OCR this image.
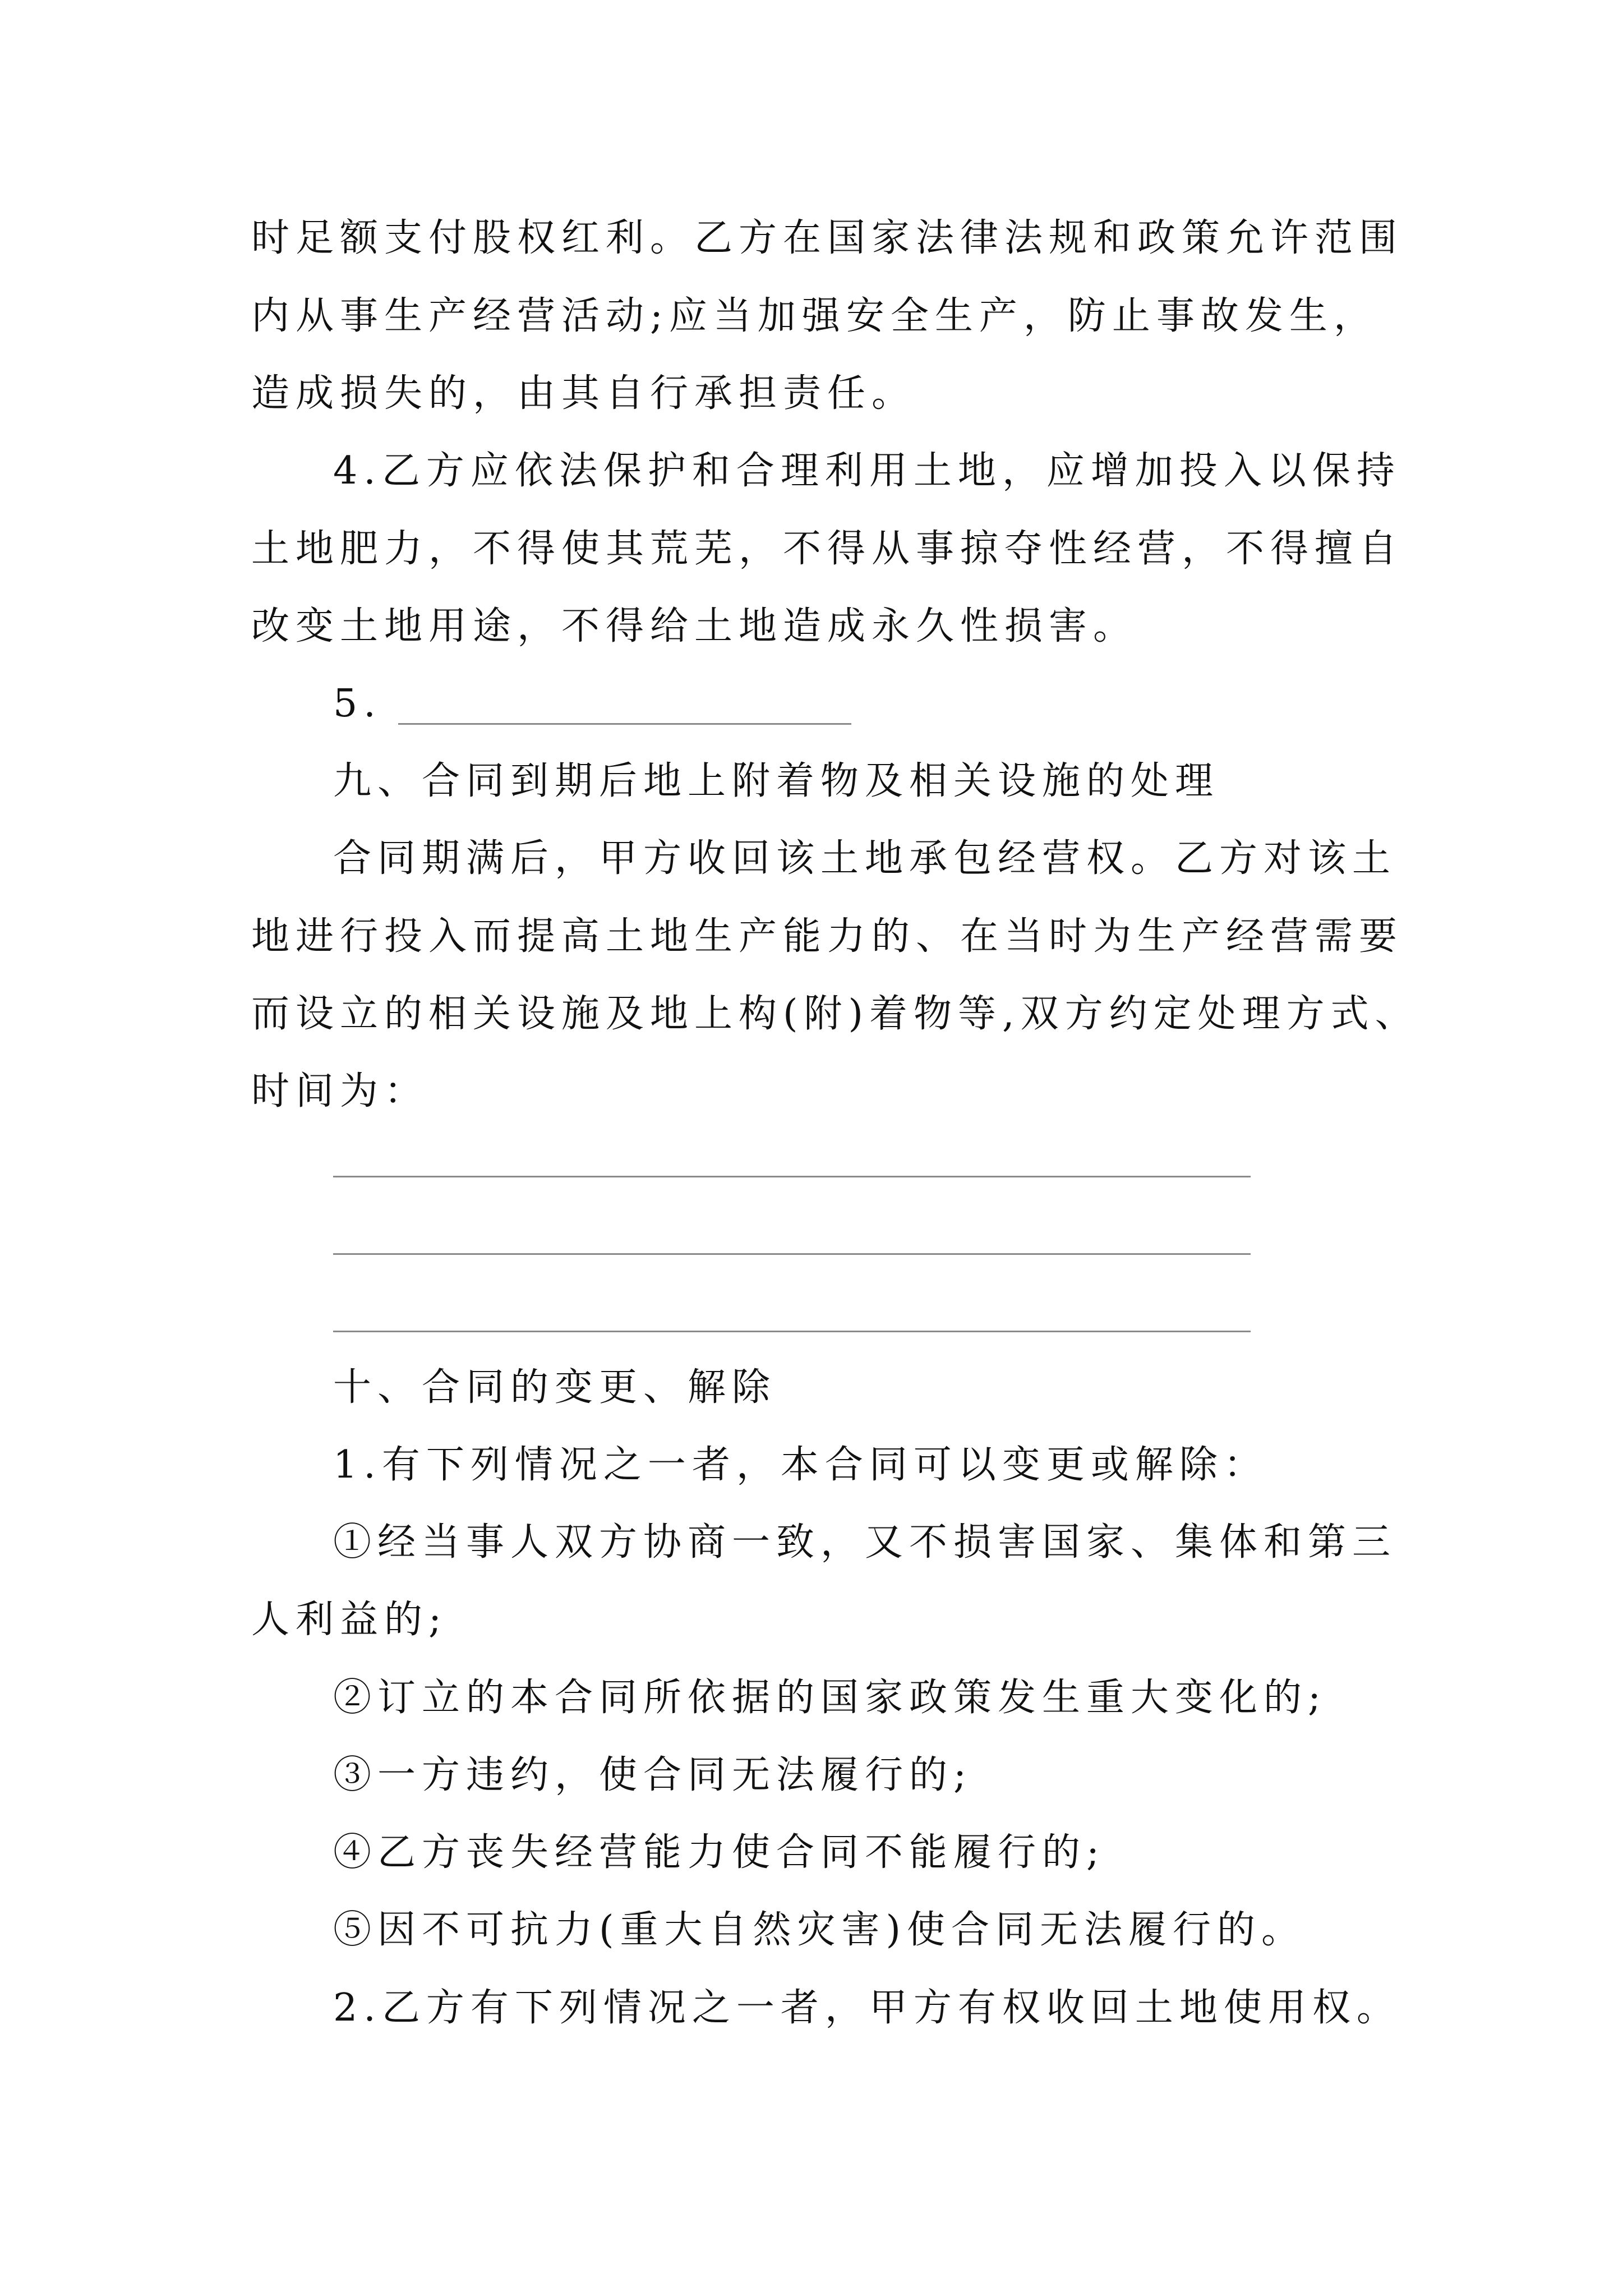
时足额支付股权红利。乙方在国家法律法规和政策允许范围
内从事生产经营活动;应当加强安全生产，防止事故发生，
造成损失的，由其自行承担责任。
4.乙方应依法保护和合理利用土地，应增加投入以保持
土地肥力，不得使其荒芜，不得从事掠夺性经营，不得擅自
改变土地用途，不得给土地造成永久性损害。
5.
九、合同到期后地上附着物及相关设施的处理
合同期满后，甲方收回该土地承包经营权。乙方对该土
地进行投入而提高土地生产能力的、在当时为生产经营需要
而设立的相关设施及地上构(附)着物等,双方约定处理方式、
时间为：
十、合同的变更、解除
1.有下列情况之一者，本合同可以变更或解除：
①经当事人双方协商一致，又不损害国家、集体和第三
人利益的;
②订立的本合同所依据的国家政策发生重大变化的;
③一方违约，使合同无法履行的;
④乙方丧失经营能力使合同不能履行的;
⑤因不可抗力(重大自然灾害)使合同无法履行的。
2.乙方有下列情况之一者，甲方有权收回土地使用权。
